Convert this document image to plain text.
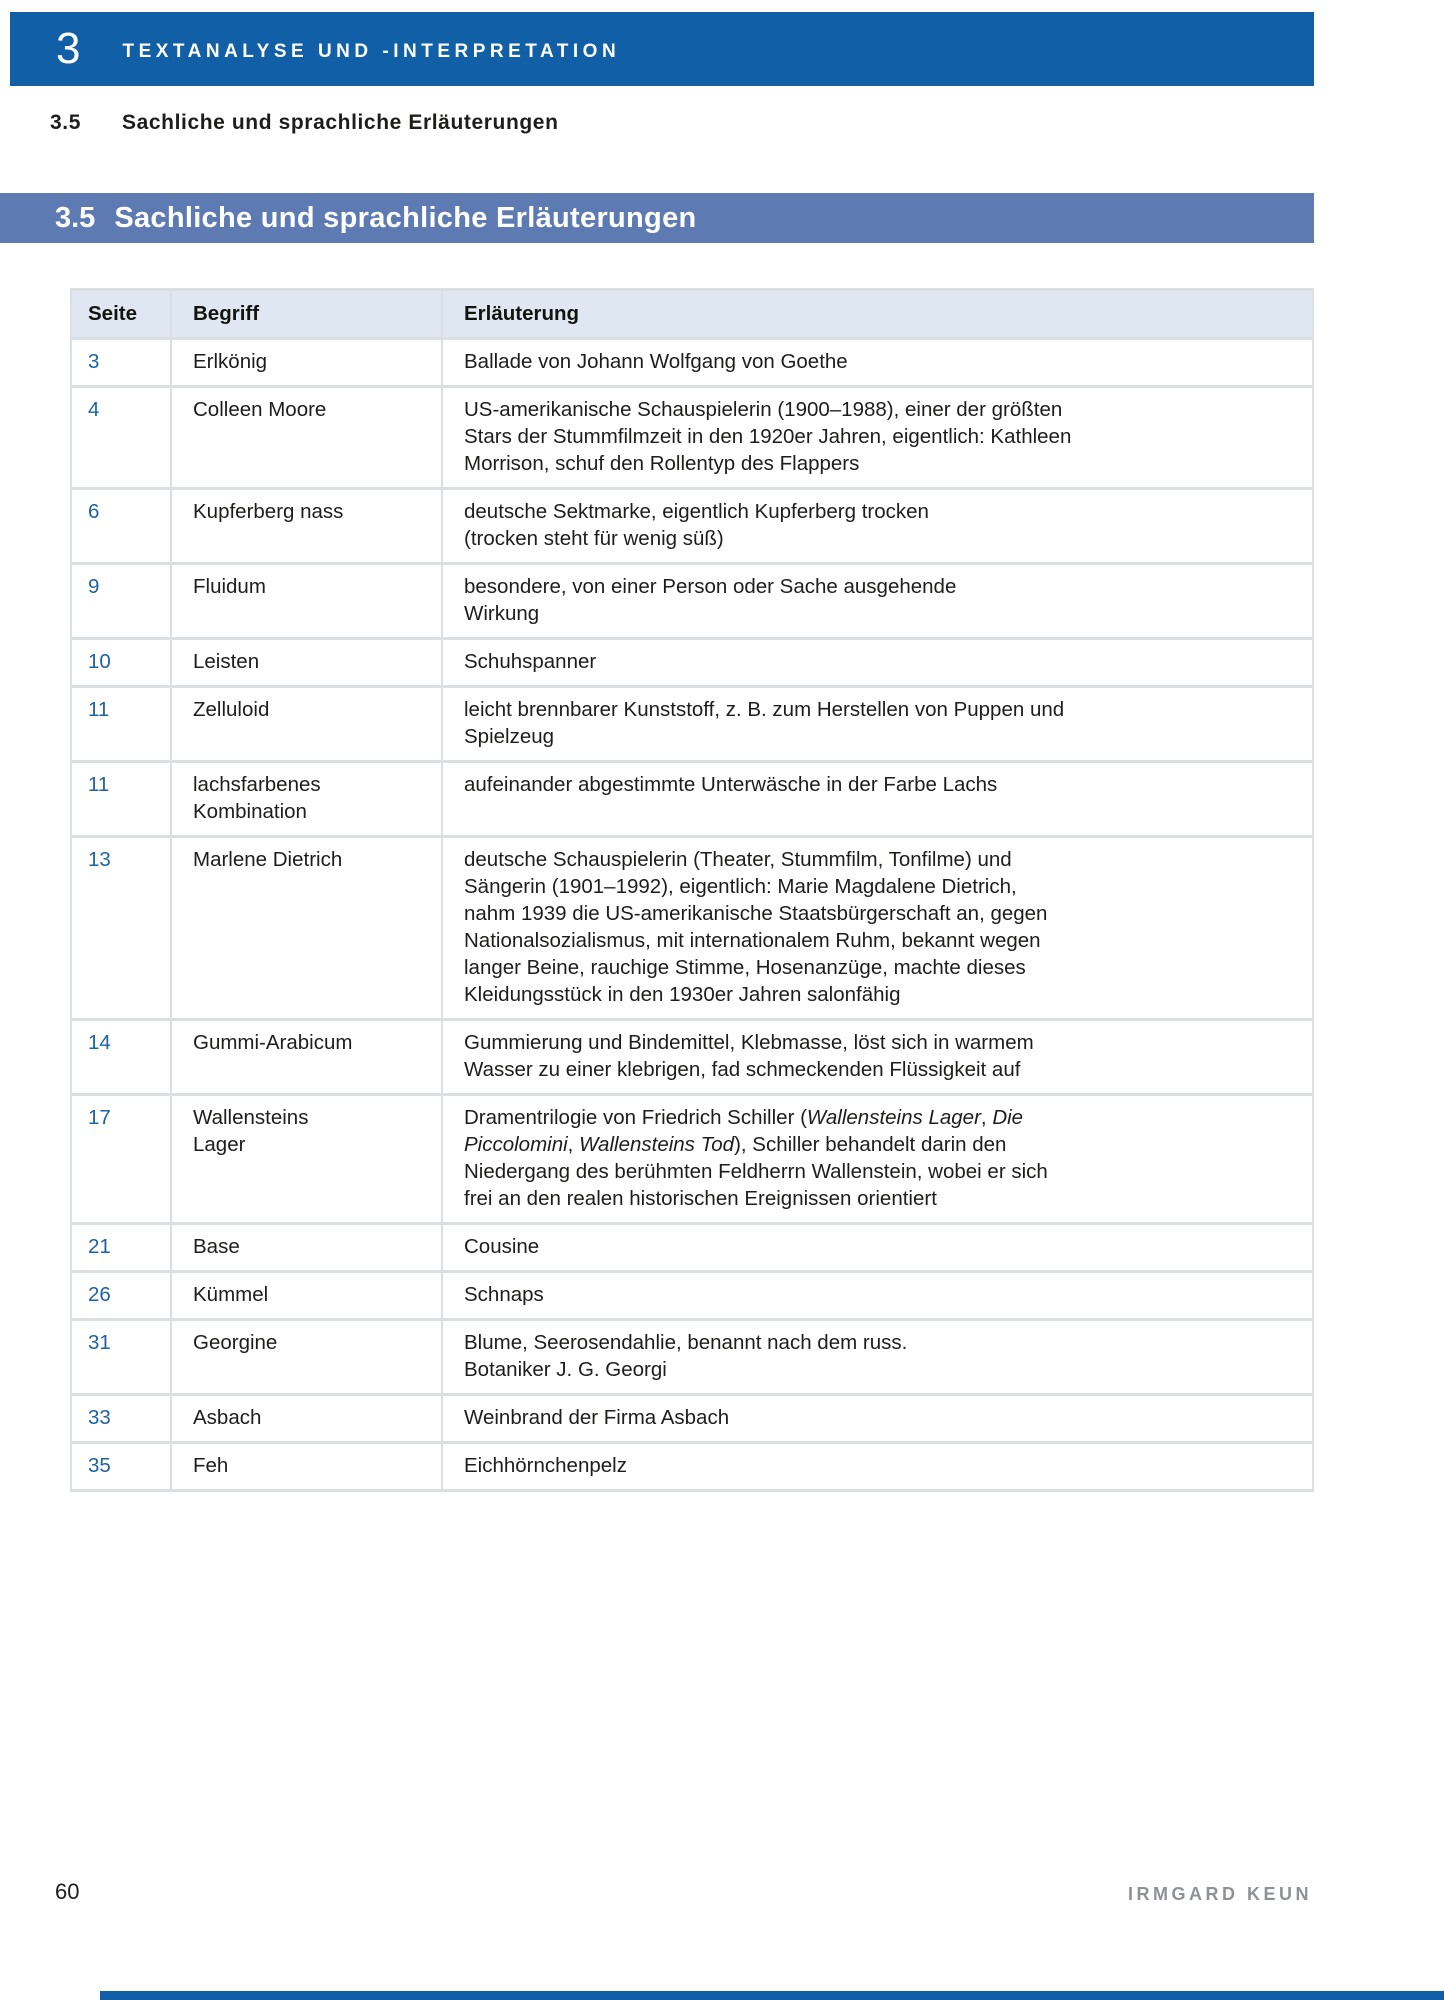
3 TEXTANALYSE UND -INTERPRETATION
3.5 Sachliche und sprachliche Erläuterungen
3.5 Sachliche und sprachliche Erläuterungen
Seite	Begriff	Erläuterung
3	Erlkönig	Ballade von Johann Wolfgang von Goethe
4	Colleen Moore	US-amerikanische Schauspielerin (1900–1988), einer der größten
Stars der Stummfilmzeit in den 1920er Jahren, eigentlich: Kathleen
Morrison, schuf den Rollentyp des Flappers
6	Kupferberg nass	deutsche Sektmarke, eigentlich Kupferberg trocken
(trocken steht für wenig süß)
9	Fluidum	besondere, von einer Person oder Sache ausgehende
Wirkung
10	Leisten	Schuhspanner
11	Zelluloid	leicht brennbarer Kunststoff, z. B. zum Herstellen von Puppen und
Spielzeug
11	lachsfarbenes
Kombination	aufeinander abgestimmte Unterwäsche in der Farbe Lachs
13	Marlene Dietrich	deutsche Schauspielerin (Theater, Stummfilm, Tonfilme) und
Sängerin (1901–1992), eigentlich: Marie Magdalene Dietrich,
nahm 1939 die US-amerikanische Staatsbürgerschaft an, gegen
Nationalsozialismus, mit internationalem Ruhm, bekannt wegen
langer Beine, rauchige Stimme, Hosenanzüge, machte dieses
Kleidungsstück in den 1930er Jahren salonfähig
14	Gummi-Arabicum	Gummierung und Bindemittel, Klebmasse, löst sich in warmem
Wasser zu einer klebrigen, fad schmeckenden Flüssigkeit auf
17	Wallensteins
Lager	Dramentrilogie von Friedrich Schiller (Wallensteins Lager, Die
Piccolomini, Wallensteins Tod), Schiller behandelt darin den
Niedergang des berühmten Feldherrn Wallenstein, wobei er sich
frei an den realen historischen Ereignissen orientiert
21	Base	Cousine
26	Kümmel	Schnaps
31	Georgine	Blume, Seerosendahlie, benannt nach dem russ.
Botaniker J. G. Georgi
33	Asbach	Weinbrand der Firma Asbach
35	Feh	Eichhörnchenpelz
60	IRMGARD KEUN
